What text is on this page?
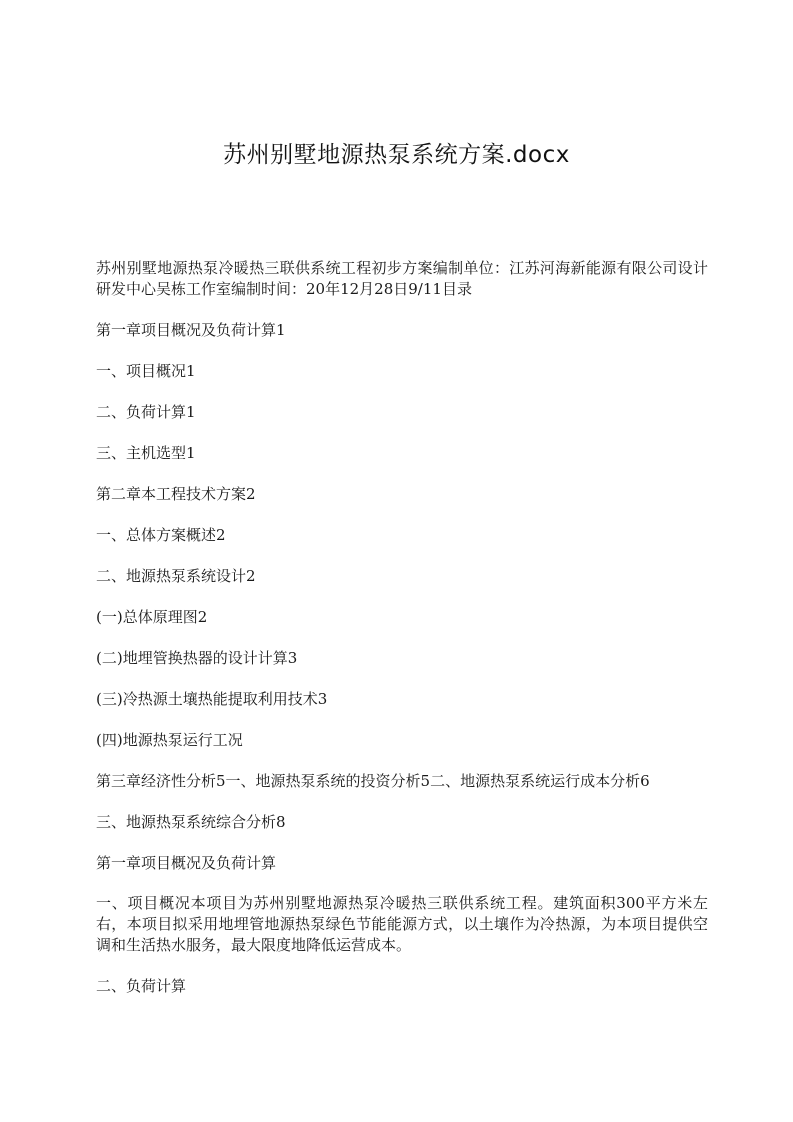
苏州别墅地源热泵系统方案.docx

苏州别墅地源热泵冷暖热三联供系统工程初步方案编制单位：江苏河海新能源有限公司设计研发中心吴栋工作室编制时间：20年12月28日9/11目录

第一章项目概况及负荷计算1

一、项目概况1

二、负荷计算1

三、主机选型1

第二章本工程技术方案2

一、总体方案概述2

二、地源热泵系统设计2

(一)总体原理图2

(二)地埋管换热器的设计计算3

(三)冷热源土壤热能提取利用技术3

(四)地源热泵运行工况

第三章经济性分析5一、地源热泵系统的投资分析5二、地源热泵系统运行成本分析6

三、地源热泵系统综合分析8

第一章项目概况及负荷计算

一、项目概况本项目为苏州别墅地源热泵冷暖热三联供系统工程。建筑面积300平方米左右，本项目拟采用地埋管地源热泵绿色节能能源方式，以土壤作为冷热源，为本项目提供空调和生活热水服务，最大限度地降低运营成本。

二、负荷计算
